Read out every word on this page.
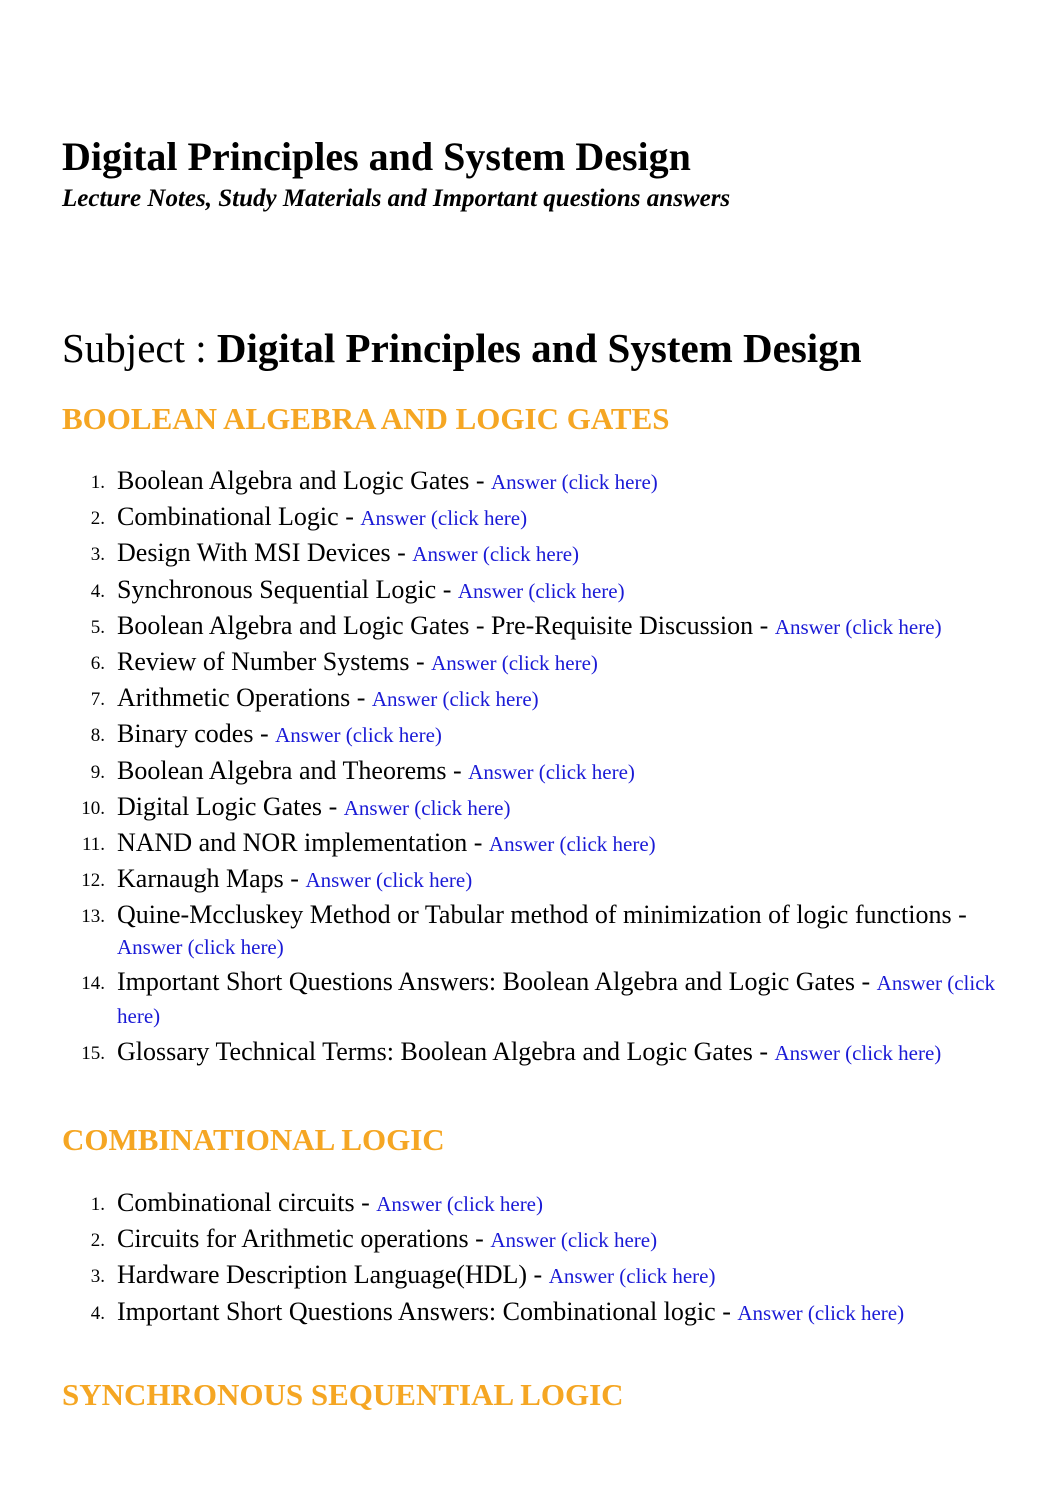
Digital Principles and System Design

Lecture Notes, Study Materials and Important questions answers

Subject : Digital Principles and System Design
BOOLEAN ALGEBRA AND LOGIC GATES
1. Boolean Algebra and Logic Gates - Answer (click here)
2. Combinational Logic - Answer (click here)
3. Design With MSI Devices - Answer (click here)
4. Synchronous Sequential Logic - Answer (click here)
5. Boolean Algebra and Logic Gates - Pre-Requisite Discussion - Answer (click here)
6. Review of Number Systems - Answer (click here)
7. Arithmetic Operations - Answer (click here)
8. Binary codes - Answer (click here)
9. Boolean Algebra and Theorems - Answer (click here)
10. Digital Logic Gates - Answer (click here)
11. NAND and NOR implementation - Answer (click here)
12. Karnaugh Maps - Answer (click here)
13. Quine-Mccluskey Method or Tabular method of minimization of logic functions - Answer (click here)
14. Important Short Questions Answers: Boolean Algebra and Logic Gates - Answer (click here)
15. Glossary Technical Terms: Boolean Algebra and Logic Gates - Answer (click here)
COMBINATIONAL LOGIC
1. Combinational circuits - Answer (click here)
2. Circuits for Arithmetic operations - Answer (click here)
3. Hardware Description Language(HDL) - Answer (click here)
4. Important Short Questions Answers: Combinational logic - Answer (click here)
SYNCHRONOUS SEQUENTIAL LOGIC
